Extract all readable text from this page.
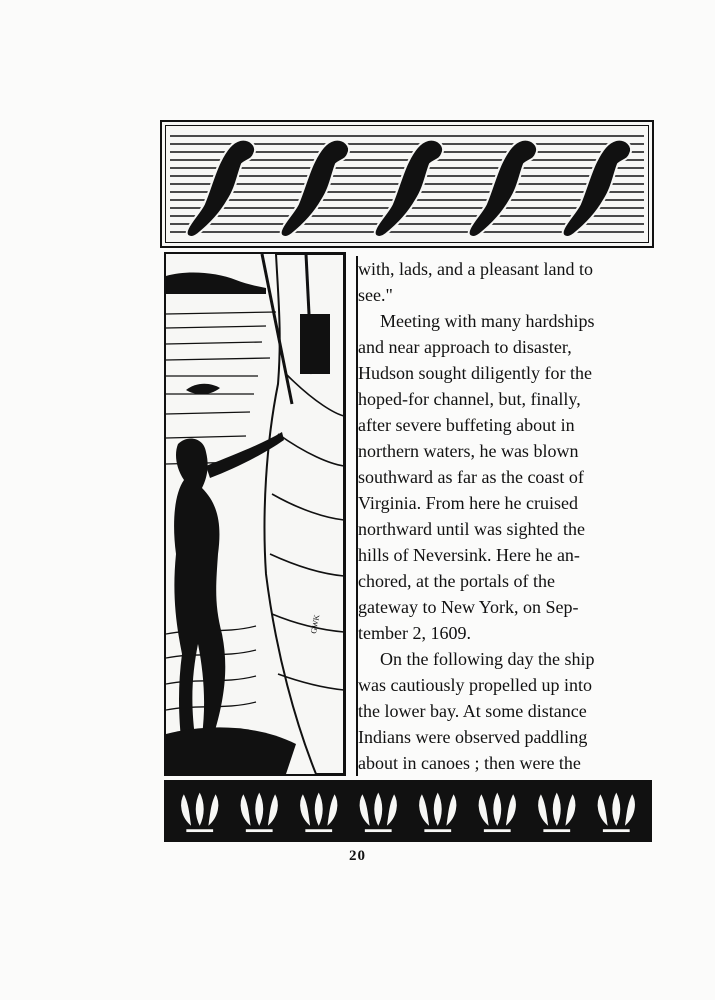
GWK

with, lads, and a pleasant land to

see."

Meeting with many hardships

and near approach to disaster,

Hudson sought diligently for the

hoped-for channel, but, finally,

after severe buffeting about in

northern waters, he was blown

southward as far as the coast of

Virginia. From here he cruised

northward until was sighted the

hills of Neversink. Here he an-

chored, at the portals of the

gateway to New York, on Sep-

tember 2, 1609.

On the following day the ship

was cautiously propelled up into

the lower bay. At some distance

Indians were observed paddling

about in canoes ; then were the

20
